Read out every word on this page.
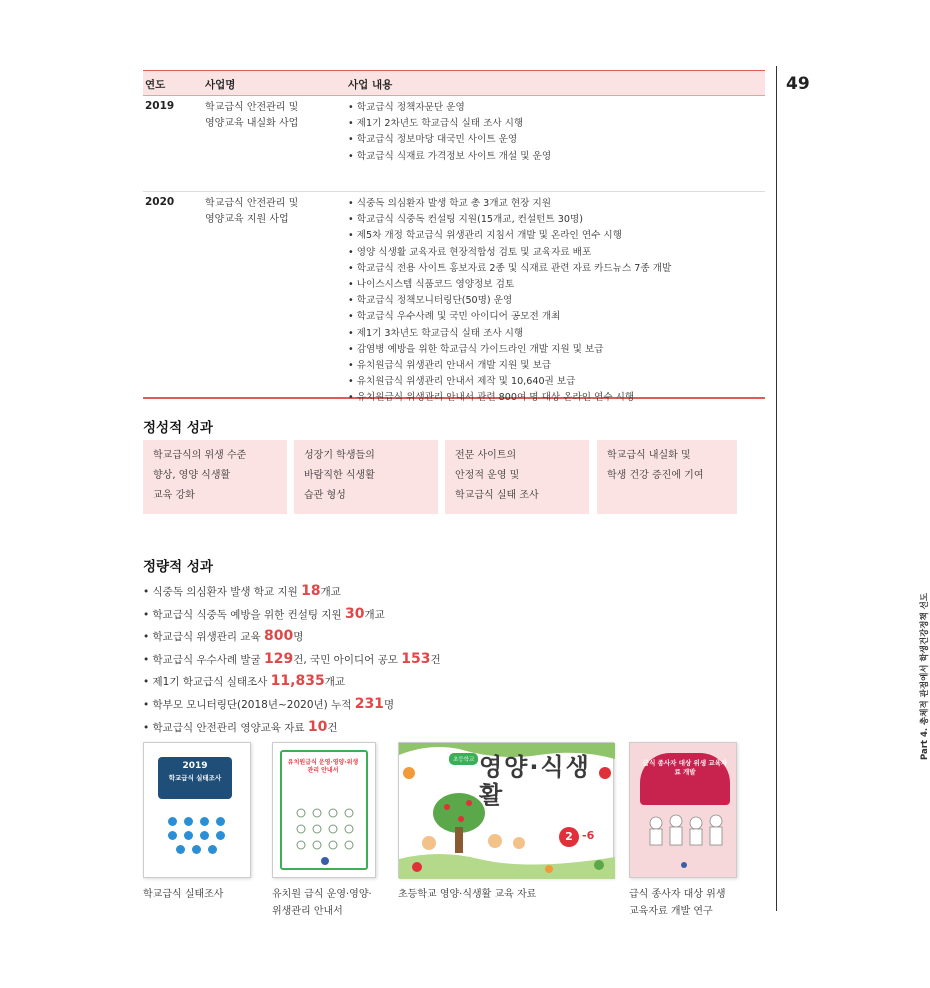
연도	사업명	사업 내용
2019	학교급식 안전관리 및
영양교육 내실화 사업
• 학교급식 정책자문단 운영
• 제1기 2차년도 학교급식 실태 조사 시행
• 학교급식 정보마당 대국민 사이트 운영
• 학교급식 식재료 가격정보 사이트 개설 및 운영
2020	학교급식 안전관리 및
영양교육 지원 사업
• 식중독 의심환자 발생 학교 총 3개교 현장 지원
• 학교급식 식중독 컨설팅 지원(15개교, 컨설턴트 30명)
• 제5차 개정 학교급식 위생관리 지침서 개발 및 온라인 연수 시행
• 영양 식생활 교육자료 현장적합성 검토 및 교육자료 배포
• 학교급식 전용 사이트 홍보자료 2종 및 식재료 관련 자료 카드뉴스 7종 개발
• 나이스시스템 식품코드 영양정보 검토
• 학교급식 정책모니터링단(50명) 운영
• 학교급식 우수사례 및 국민 아이디어 공모전 개최
• 제1기 3차년도 학교급식 실태 조사 시행
• 감염병 예방을 위한 학교급식 가이드라인 개발 지원 및 보급
• 유치원급식 위생관리 안내서 개발 지원 및 보급
• 유치원급식 위생관리 안내서 제작 및 10,640권 보급
• 유치원급식 위생관리 안내서 관련 800여 명 대상 온라인 연수 시행
49
Part 4. 총체적 관점에서 학생건강정책 선도
정성적 성과
학교급식의 위생 수준
향상, 영양 식생활
교육 강화
성장기 학생들의
바람직한 식생활
습관 형성
전문 사이트의
안정적 운영 및
학교급식 실태 조사
학교급식 내실화 및
학생 건강 증진에 기여
정량적 성과
• 식중독 의심환자 발생 학교 지원 18개교
• 학교급식 식중독 예방을 위한 컨설팅 지원 30개교
• 학교급식 위생관리 교육 800명
• 학교급식 우수사례 발굴 129건, 국민 아이디어 공모 153건
• 제1기 학교급식 실태조사 11,835개교
• 학부모 모니터링단(2018년~2020년) 누적 231명
• 학교급식 안전관리 영양교육 자료 10건
2019
학교급식 실태조사
학교급식 실태조사
유치원급식 운영·영양·위생관리 안내서
유치원 급식 운영·영양·
위생관리 안내서
초등학교 영양·식생활
2 -6
초등학교 영양·식생활 교육 자료
급식 종사자 대상 위생 교육자료 개발
급식 종사자 대상 위생
교육자료 개발 연구
